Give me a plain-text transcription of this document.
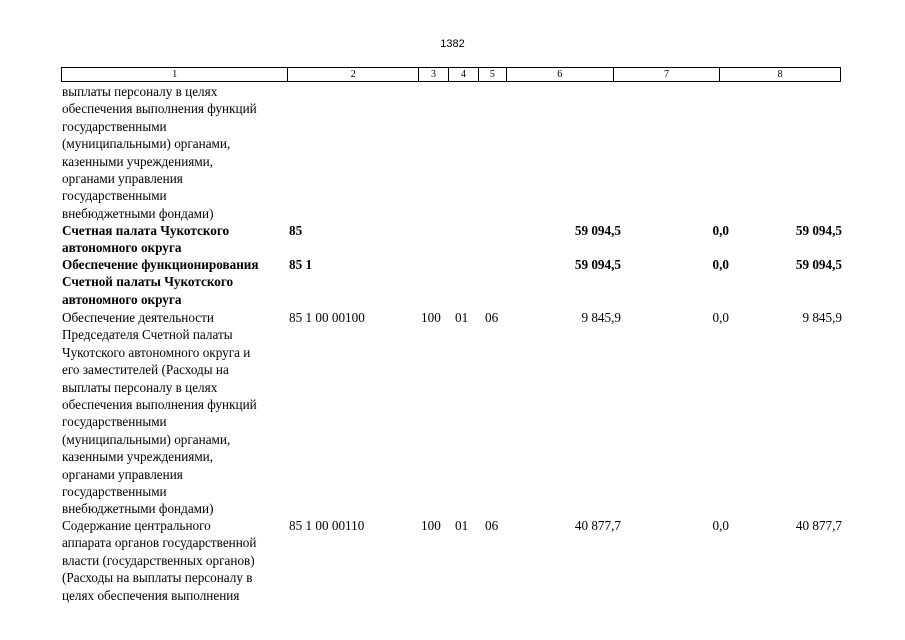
1382
1	2	3	4	5	6	7	8
выплаты персоналу в целях
обеспечения выполнения функций
государственными
(муниципальными) органами,
казенными учреждениями,
органами управления
государственными
внебюджетными фондами)
Счетная палата Чукотского
автономного округа
85	59 094,5	0,0	59 094,5
Обеспечение функционирования
Счетной палаты Чукотского
автономного округа
85 1	59 094,5	0,0	59 094,5
Обеспечение деятельности
Председателя Счетной палаты
Чукотского автономного округа и
его заместителей (Расходы на
выплаты персоналу в целях
обеспечения выполнения функций
государственными
(муниципальными) органами,
казенными учреждениями,
органами управления
государственными
внебюджетными фондами)
85 1 00 00100	100 01 06	9 845,9	0,0	9 845,9
Содержание центрального
аппарата органов государственной
власти (государственных органов)
(Расходы на выплаты персоналу в
целях обеспечения выполнения
85 1 00 00110	100 01 06	40 877,7	0,0	40 877,7
